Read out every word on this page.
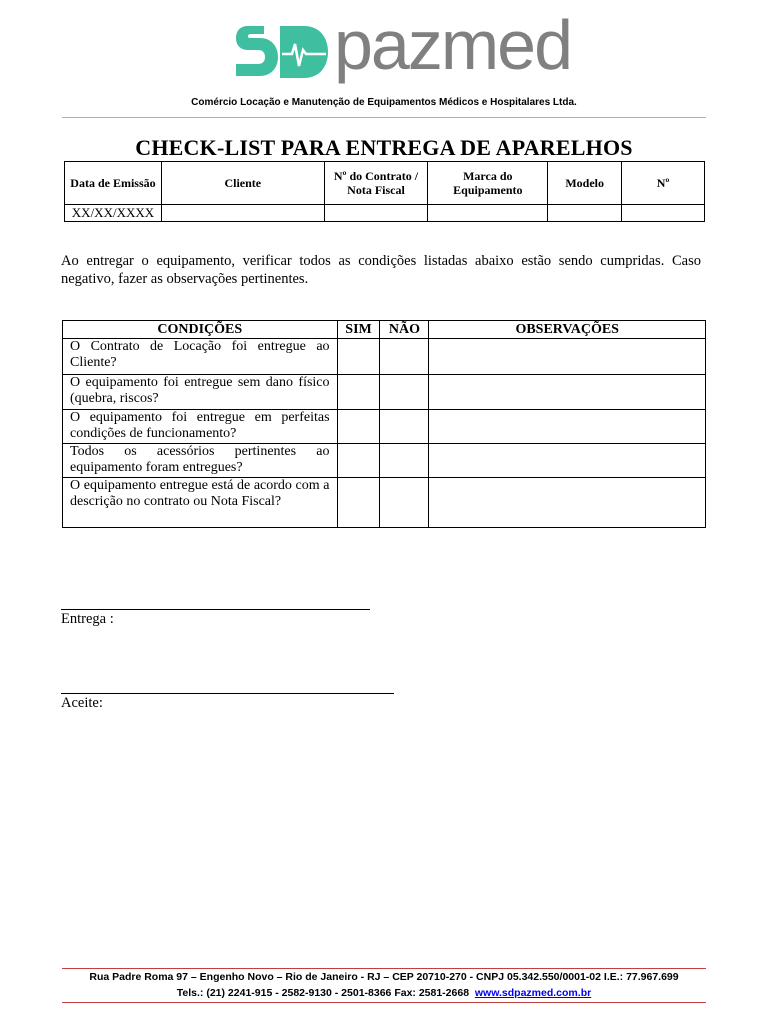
pazmed
Comércio Locação e Manutenção de Equipamentos Médicos e Hospitalares Ltda.
CHECK-LIST PARA ENTREGA DE APARELHOS
Data de Emissão	Cliente	Nº do Contrato / Nota Fiscal	Marca do Equipamento	Modelo	Nº
XX/XX/XXXX					
Ao entregar o equipamento, verificar todos as condições listadas abaixo estão sendo cumpridas. Caso negativo, fazer as observações pertinentes.
CONDIÇÕES	SIM	NÃO	OBSERVAÇÕES
O Contrato de Locação foi entregue ao Cliente?			
O equipamento foi entregue sem dano físico (quebra, riscos?			
O equipamento foi entregue em perfeitas condições de funcionamento?			
Todos os acessórios pertinentes ao equipamento foram entregues?			
O equipamento entregue está de acordo com a descrição no contrato ou Nota Fiscal?			
Entrega :
Aceite:
Rua Padre Roma 97 – Engenho Novo – Rio de Janeiro - RJ – CEP 20710-270 - CNPJ 05.342.550/0001-02 I.E.: 77.967.699
Tels.: (21) 2241-915 - 2582-9130 - 2501-8366 Fax: 2581-2668 www.sdpazmed.com.br
